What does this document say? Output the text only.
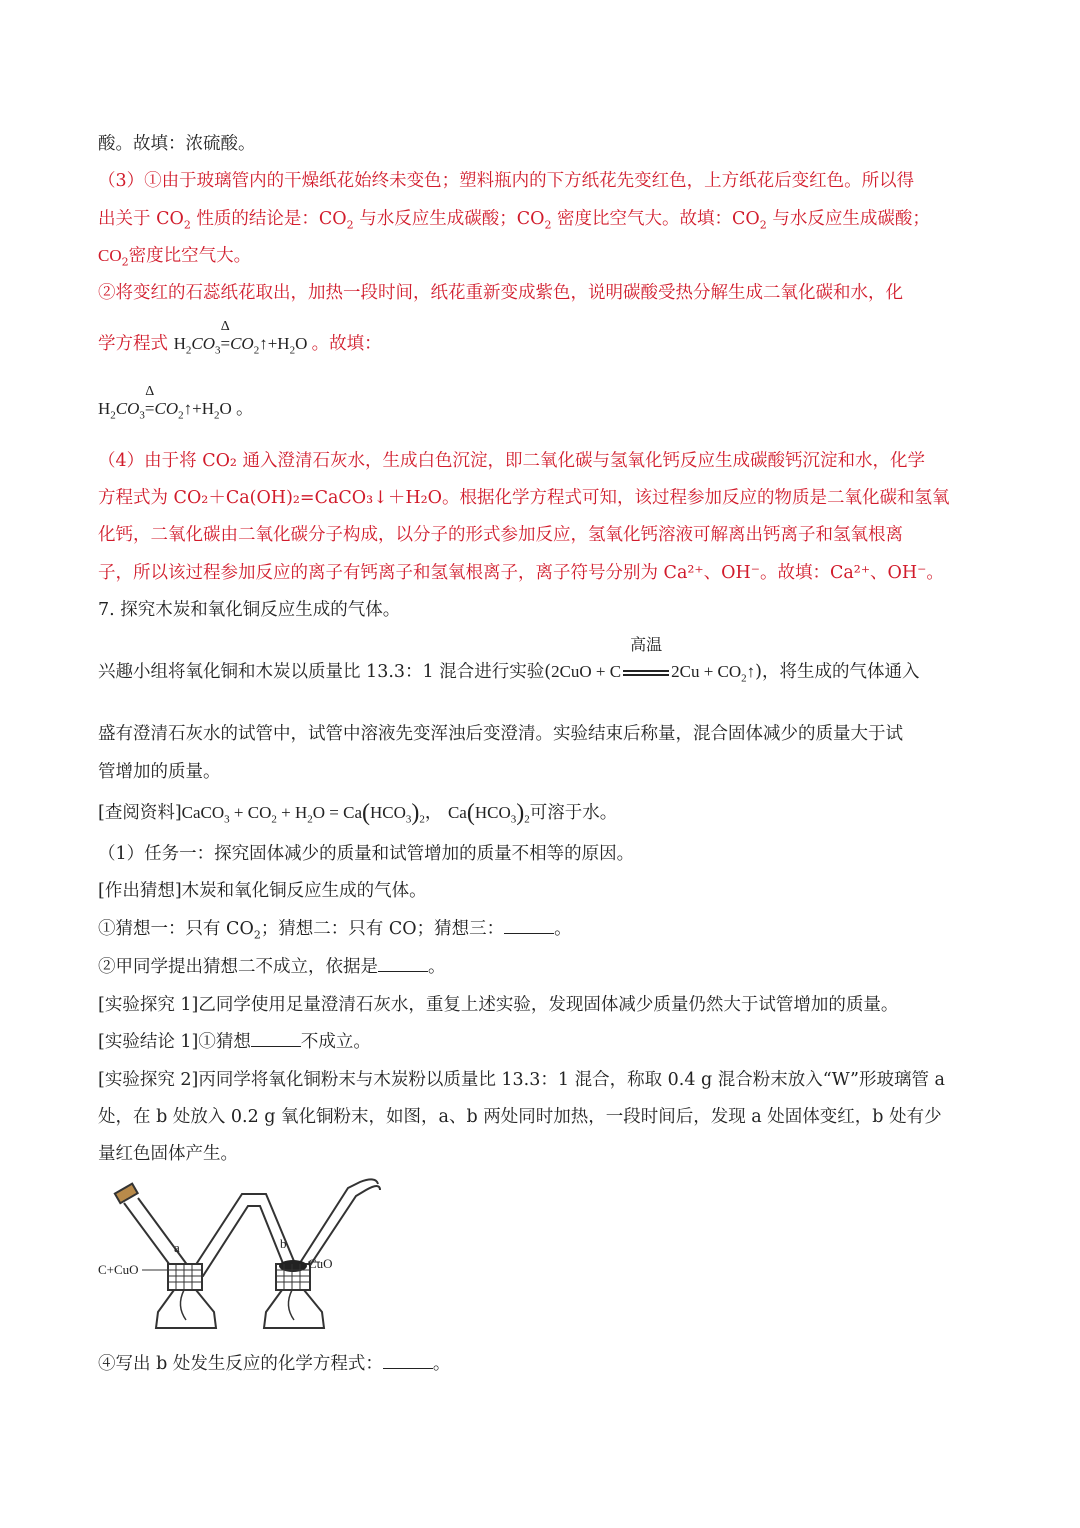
酸。故填：浓硫酸。
（3）①由于玻璃管内的干燥纸花始终未变色；塑料瓶内的下方纸花先变红色，上方纸花后变红色。所以得
出关于 $CO_2$ 性质的结论是：$CO_2$ 与水反应生成碳酸；$CO_2$ 密度比空气大。故填：$CO_2$ 与水反应生成碳酸；
$CO_2$密度比空气大。
②将变红的石蕊纸花取出，加热一段时间，纸花重新变成紫色，说明碳酸受热分解生成二氧化碳和水，化
学方程式 $H_2CO_3$
Δ
$=CO_2↑+H_2O$ 。故填：
$H_2CO_3$
Δ
$=CO_2↑+H_2O$ 。
（4）由于将 CO₂ 通入澄清石灰水，生成白色沉淀，即二氧化碳与氢氧化钙反应生成碳酸钙沉淀和水，化学
方程式为 CO₂＋Ca(OH)₂=CaCO₃↓＋H₂O。根据化学方程式可知，该过程参加反应的物质是二氧化碳和氢氧
化钙，二氧化碳由二氧化碳分子构成，以分子的形式参加反应，氢氧化钙溶液可解离出钙离子和氢氧根离
子，所以该过程参加反应的离子有钙离子和氢氧根离子，离子符号分别为 Ca²⁺、OH⁻。故填：Ca²⁺、OH⁻。
7. 探究木炭和氧化铜反应生成的气体。
兴趣小组将氧化铜和木炭以质量比 13.3：1 混合进行实验(2CuO + C
高温
$2Cu + CO_2↑$)，将生成的气体通入
盛有澄清石灰水的试管中，试管中溶液先变浑浊后变澄清。实验结束后称量，混合固体减少的质量大于试
管增加的质量。
[查阅资料]CaCO$_3$ + $CO_2 + H_2O = Ca(HCO_3)_2$， $Ca(HCO_3)_2$可溶于水。
（1）任务一：探究固体减少的质量和试管增加的质量不相等的原因。
[作出猜想]木炭和氧化铜反应生成的气体。
①猜想一：只有 $CO_2$；猜想二：只有 CO；猜想三：	。
②甲同学提出猜想二不成立，依据是	。
[实验探究 1]乙同学使用足量澄清石灰水，重复上述实验，发现固体减少质量仍然大于试管增加的质量。
[实验结论 1]①猜想	不成立。
[实验探究 2]丙同学将氧化铜粉末与木炭粉以质量比 13.3：1 混合，称取 0.4 g 混合粉末放入“W”形玻璃管 a
处，在 b 处放入 0.2 g 氧化铜粉末，如图，a、b 两处同时加热，一段时间后，发现 a 处固体变红，b 处有少
量红色固体产生。
C+CuO
a	b
CuO
④写出 b 处发生反应的化学方程式：	。
